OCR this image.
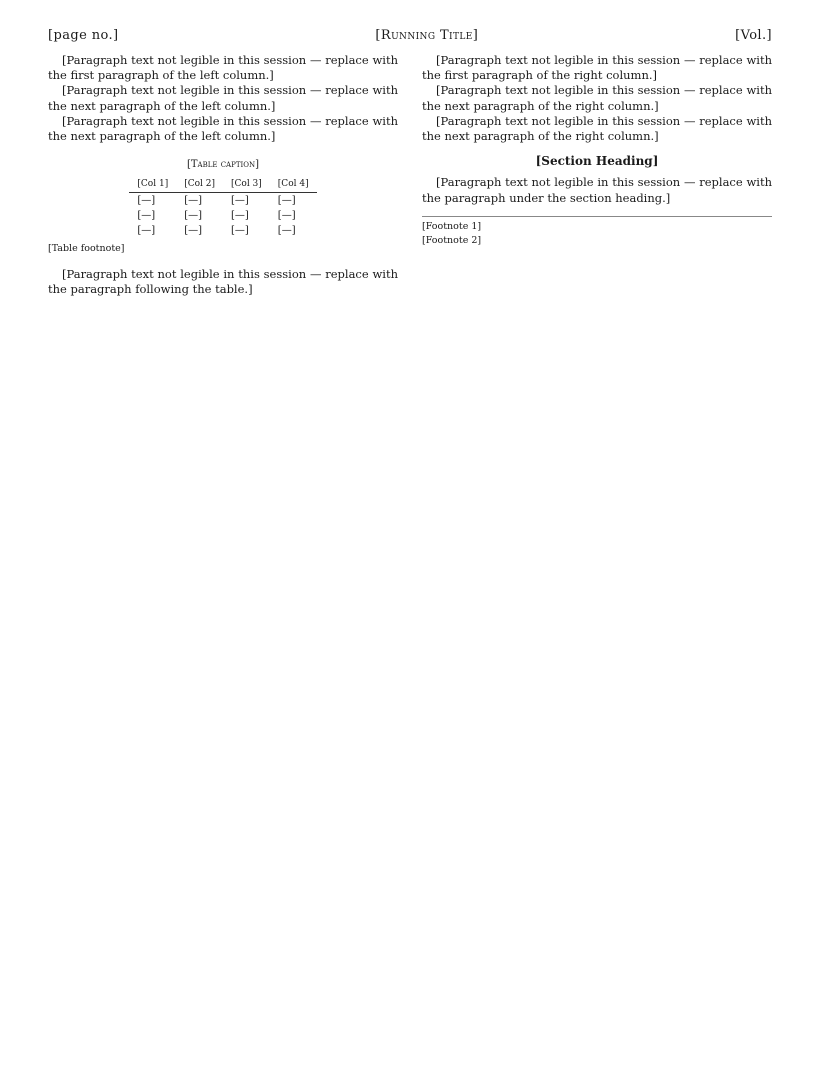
[page no.]	[Running Title]	[Vol.]

[Paragraph text not legible in this session — replace with the first paragraph of the left column.]

[Paragraph text not legible in this session — replace with the next paragraph of the left column.]

[Paragraph text not legible in this session — replace with the next paragraph of the left column.]

[Table caption]
[Col 1]	[Col 2]	[Col 3]	[Col 4]
[—]	[—]	[—]	[—]
[—]	[—]	[—]	[—]
[—]	[—]	[—]	[—]
[Table footnote]

[Paragraph text not legible in this session — replace with the paragraph following the table.]

[Paragraph text not legible in this session — replace with the first paragraph of the right column.]

[Paragraph text not legible in this session — replace with the next paragraph of the right column.]

[Paragraph text not legible in this session — replace with the next paragraph of the right column.]

[Section Heading]

[Paragraph text not legible in this session — replace with the paragraph under the section heading.]

[Footnote 1]
[Footnote 2]
